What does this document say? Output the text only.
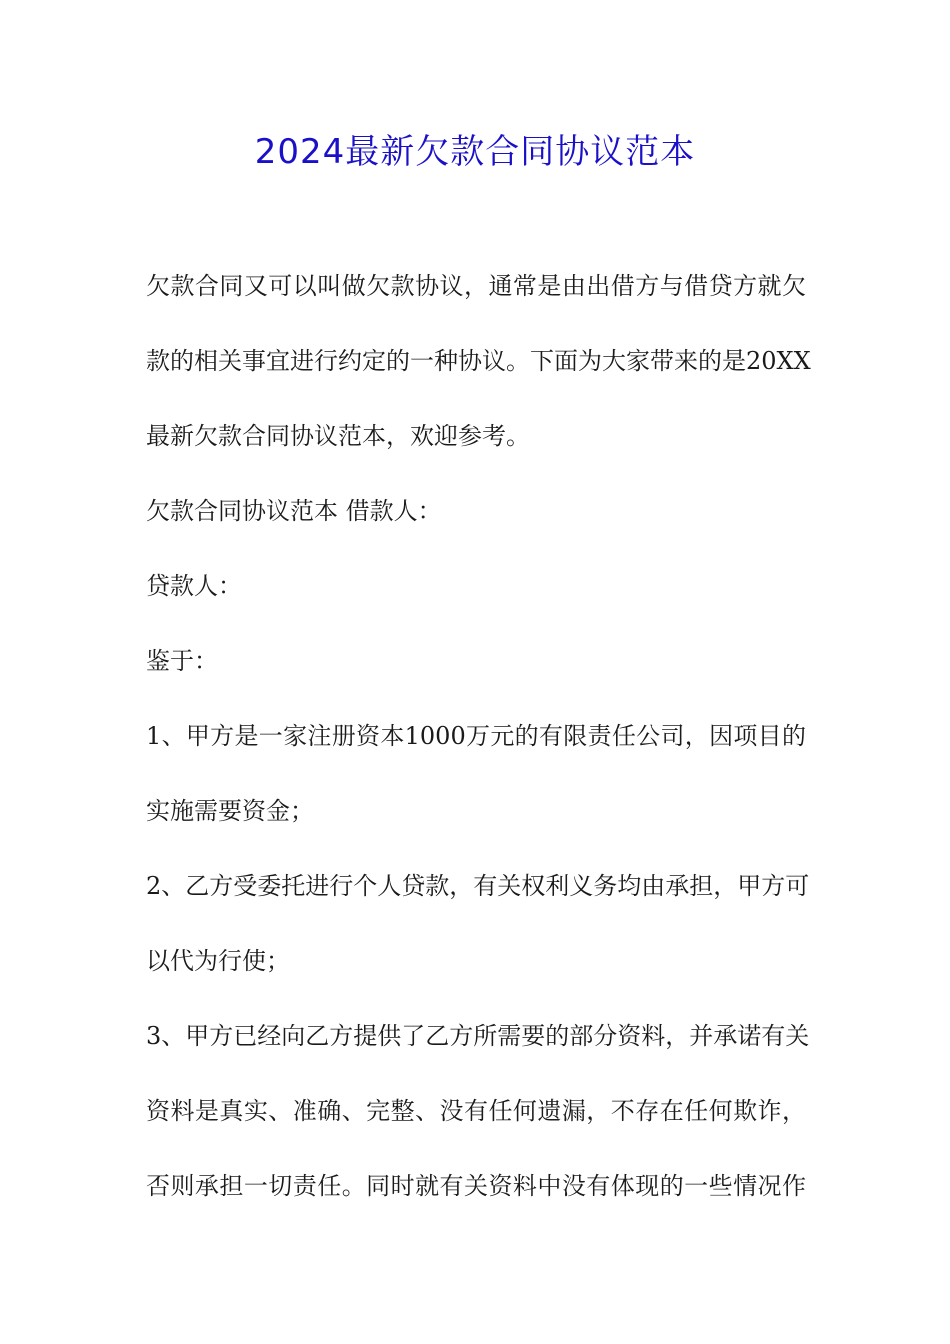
2024最新欠款合同协议范本
欠款合同又可以叫做欠款协议，通常是由出借方与借贷方就欠
款的相关事宜进行约定的一种协议。下面为大家带来的是20XX
最新欠款合同协议范本，欢迎参考。
欠款合同协议范本 借款人：
贷款人：
鉴于：
1、甲方是一家注册资本1000万元的有限责任公司，因项目的
实施需要资金；
2、乙方受委托进行个人贷款，有关权利义务均由承担，甲方可
以代为行使；
3、甲方已经向乙方提供了乙方所需要的部分资料，并承诺有关
资料是真实、准确、完整、没有任何遗漏，不存在任何欺诈，
否则承担一切责任。同时就有关资料中没有体现的一些情况作
